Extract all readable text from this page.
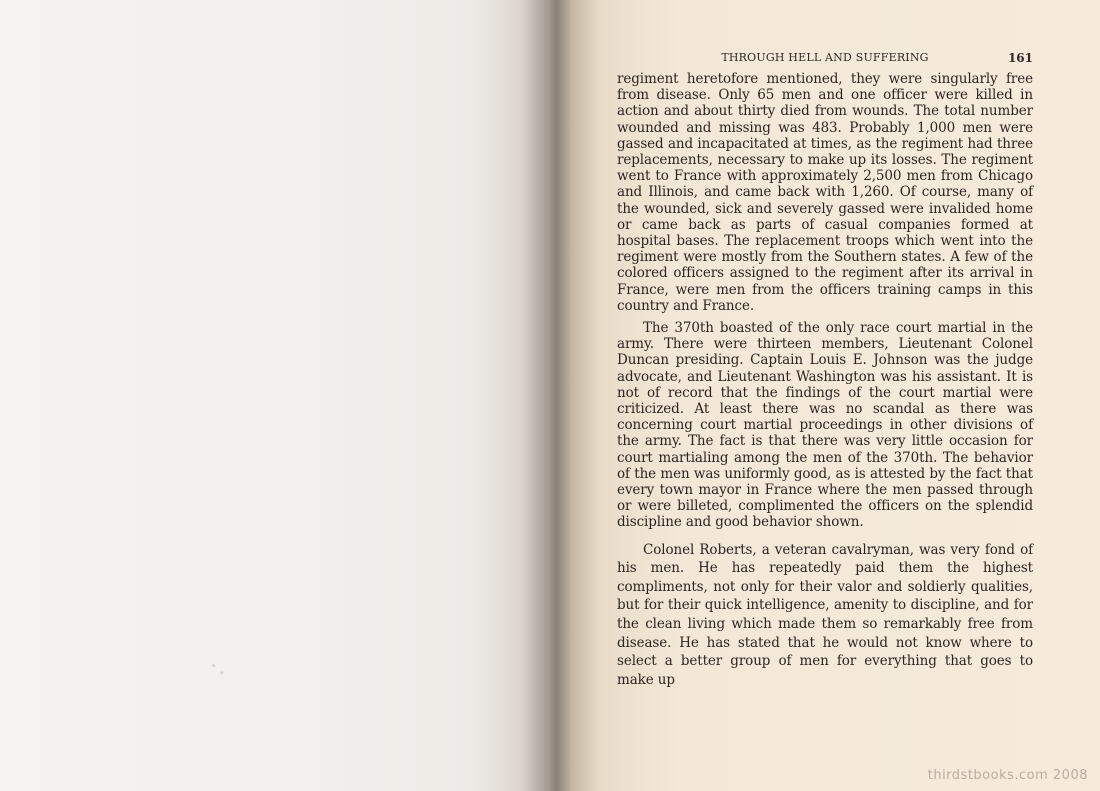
THROUGH HELL AND SUFFERING	161

regiment heretofore mentioned, they were singularly free from disease. Only 65 men and one officer were killed in action and about thirty died from wounds. The total number wounded and missing was 483. Probably 1,000 men were gassed and incapacitated at times, as the regiment had three replacements, necessary to make up its losses. The regiment went to France with approximately 2,500 men from Chicago and Illinois, and came back with 1,260. Of course, many of the wounded, sick and severely gassed were invalided home or came back as parts of casual companies formed at hospital bases. The replacement troops which went into the regiment were mostly from the Southern states. A few of the colored officers assigned to the regiment after its arrival in France, were men from the officers training camps in this country and France.

The 370th boasted of the only race court martial in the army. There were thirteen members, Lieutenant Colonel Duncan presiding. Captain Louis E. Johnson was the judge advocate, and Lieutenant Washington was his assistant. It is not of record that the findings of the court martial were criticized. At least there was no scandal as there was concerning court martial proceedings in other divisions of the army. The fact is that there was very little occasion for court martialing among the men of the 370th. The behavior of the men was uniformly good, as is attested by the fact that every town mayor in France where the men passed through or were billeted, complimented the officers on the splendid discipline and good behavior shown.

Colonel Roberts, a veteran cavalryman, was very fond of his men. He has repeatedly paid them the highest compliments, not only for their valor and soldierly qualities, but for their quick intelligence, amenity to discipline, and for the clean living which made them so remarkably free from disease. He has stated that he would not know where to select a better group of men for everything that goes to make up

thirdstbooks.com 2008
